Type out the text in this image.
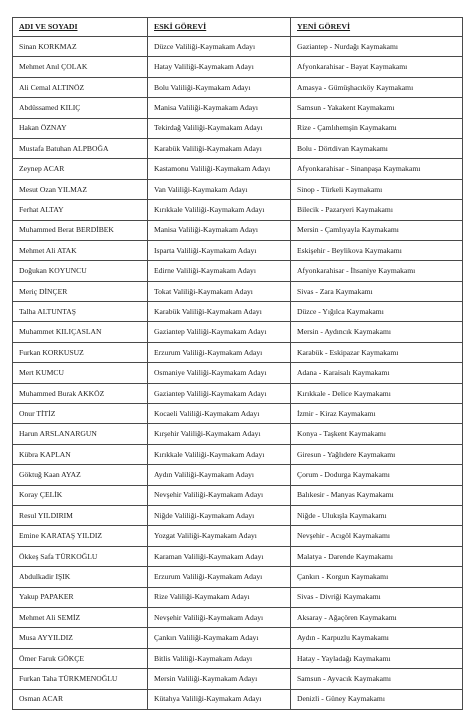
ADI VE SOYADI	ESKİ GÖREVİ	YENİ GÖREVİ
Sinan KORKMAZ	Düzce Valiliği-Kaymakam Adayı	Gaziantep - Nurdağı Kaymakamı
Mehmet Anıl ÇOLAK	Hatay Valiliği-Kaymakam Adayı	Afyonkarahisar - Bayat Kaymakamı
Ali Cemal ALTINÖZ	Bolu Valiliği-Kaymakam Adayı	Amasya - Gümüşhacıköy Kaymakamı
Abdüssamed KILIÇ	Manisa Valiliği-Kaymakam Adayı	Samsun - Yakakent Kaymakamı
Hakan ÖZNAY	Tekirdağ Valiliği-Kaymakam Adayı	Rize - Çamlıhemşin Kaymakamı
Mustafa Batuhan ALPBOĞA	Karabük Valiliği-Kaymakam Adayı	Bolu - Dörtdivan Kaymakamı
Zeynep ACAR	Kastamonu Valiliği-Kaymakam Adayı	Afyonkarahisar - Sinanpaşa Kaymakamı
Mesut Ozan YILMAZ	Van Valiliği-Kaymakam Adayı	Sinop - Türkeli Kaymakamı
Ferhat ALTAY	Kırıkkale Valiliği-Kaymakam Adayı	Bilecik - Pazaryeri Kaymakamı
Muhammed Berat BERDİBEK	Manisa Valiliği-Kaymakam Adayı	Mersin - Çamlıyayla Kaymakamı
Mehmet Ali ATAK	Isparta Valiliği-Kaymakam Adayı	Eskişehir - Beylikova Kaymakamı
Doğukan KOYUNCU	Edirne Valiliği-Kaymakam Adayı	Afyonkarahisar - İhsaniye Kaymakamı
Meriç DİNÇER	Tokat Valiliği-Kaymakam Adayı	Sivas - Zara Kaymakamı
Talha ALTUNTAŞ	Karabük Valiliği-Kaymakam Adayı	Düzce - Yığılca Kaymakamı
Muhammet KILIÇASLAN	Gaziantep Valiliği-Kaymakam Adayı	Mersin - Aydıncık Kaymakamı
Furkan KORKUSUZ	Erzurum Valiliği-Kaymakam Adayı	Karabük - Eskipazar Kaymakamı
Mert KUMCU	Osmaniye Valiliği-Kaymakam Adayı	Adana - Karaisalı Kaymakamı
Muhammed Burak AKKÖZ	Gaziantep Valiliği-Kaymakam Adayı	Kırıkkale - Delice Kaymakamı
Onur TİTİZ	Kocaeli Valiliği-Kaymakam Adayı	İzmir - Kiraz Kaymakamı
Harun ARSLANARGUN	Kırşehir Valiliği-Kaymakam Adayı	Konya - Taşkent Kaymakamı
Kübra KAPLAN	Kırıkkale Valiliği-Kaymakam Adayı	Giresun - Yağlıdere Kaymakamı
Göktuğ Kaan AYAZ	Aydın Valiliği-Kaymakam Adayı	Çorum - Dodurga Kaymakamı
Koray ÇELİK	Nevşehir Valiliği-Kaymakam Adayı	Balıkesir - Manyas Kaymakamı
Resul YILDIRIM	Niğde Valiliği-Kaymakam Adayı	Niğde - Ulukışla Kaymakamı
Emine KARATAŞ YILDIZ	Yozgat Valiliği-Kaymakam Adayı	Nevşehir - Acıgöl Kaymakamı
Ökkeş Safa TÜRKOĞLU	Karaman Valiliği-Kaymakam Adayı	Malatya - Darende Kaymakamı
Abdulkadir IŞIK	Erzurum Valiliği-Kaymakam Adayı	Çankırı - Korgun Kaymakamı
Yakup PAPAKER	Rize Valiliği-Kaymakam Adayı	Sivas - Divriği Kaymakamı
Mehmet Ali SEMİZ	Nevşehir Valiliği-Kaymakam Adayı	Aksaray - Ağaçören Kaymakamı
Musa AYYILDIZ	Çankırı Valiliği-Kaymakam Adayı	Aydın - Karpuzlu Kaymakamı
Ömer Faruk GÖKÇE	Bitlis Valiliği-Kaymakam Adayı	Hatay - Yayladağı Kaymakamı
Furkan Taha TÜRKMENOĞLU	Mersin Valiliği-Kaymakam Adayı	Samsun - Ayvacık Kaymakamı
Osman ACAR	Kütahya Valiliği-Kaymakam Adayı	Denizli - Güney Kaymakamı
